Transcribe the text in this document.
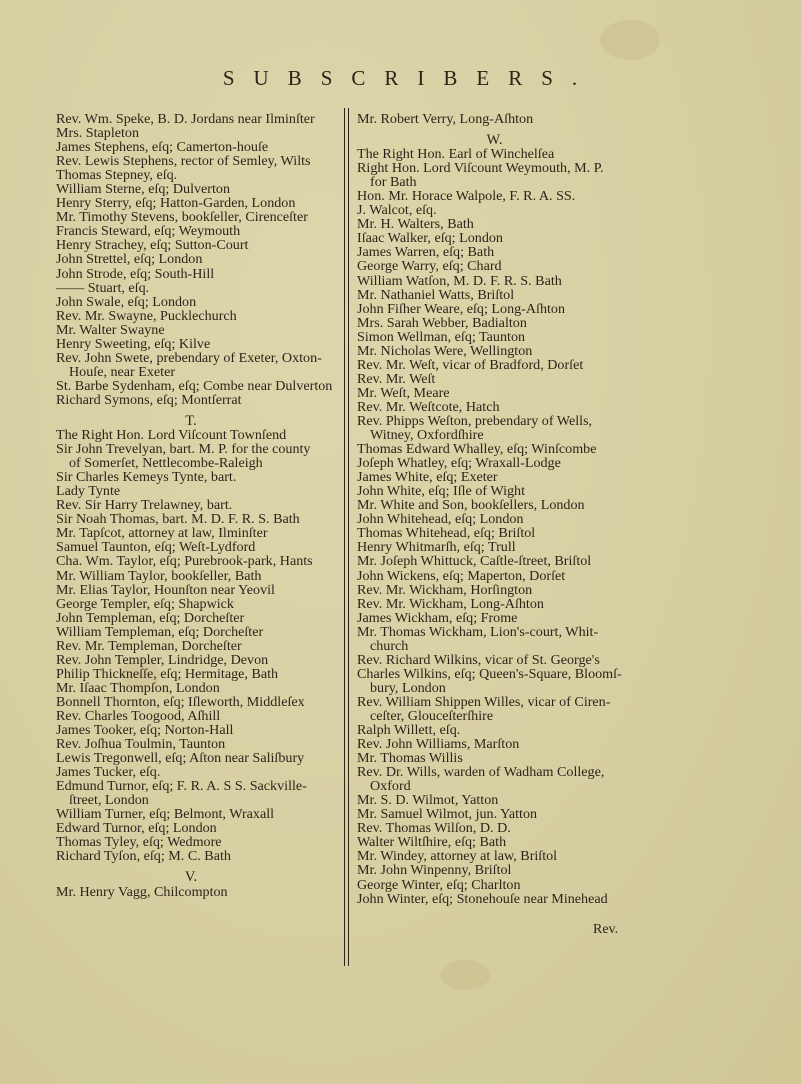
SUBSCRIBERS.
Rev. Wm. Speke, B. D. Jordans near Ilminſter
Mrs. Stapleton
James Stephens, eſq; Camerton-houſe
Rev. Lewis Stephens, rector of Semley, Wilts
Thomas Stepney, eſq.
William Sterne, eſq; Dulverton
Henry Sterry, eſq; Hatton-Garden, London
Mr. Timothy Stevens, bookſeller, Cirenceſter
Francis Steward, eſq; Weymouth
Henry Strachey, eſq; Sutton-Court
John Strettel, eſq; London
John Strode, eſq; South-Hill
—— Stuart, eſq.
John Swale, eſq; London
Rev. Mr. Swayne, Pucklechurch
Mr. Walter Swayne
Henry Sweeting, eſq; Kilve
Rev. John Swete, prebendary of Exeter, Oxton-
Houſe, near Exeter
St. Barbe Sydenham, eſq; Combe near Dulverton
Richard Symons, eſq; Montſerrat
T.
The Right Hon. Lord Viſcount Townſend
Sir John Trevelyan, bart. M. P. for the county
of Somerſet, Nettlecombe-Raleigh
Sir Charles Kemeys Tynte, bart.
Lady Tynte
Rev. Sir Harry Trelawney, bart.
Sir Noah Thomas, bart. M. D. F. R. S. Bath
Mr. Tapſcot, attorney at law, Ilminſter
Samuel Taunton, eſq; Weſt-Lydford
Cha. Wm. Taylor, eſq; Purebrook-park, Hants
Mr. William Taylor, bookſeller, Bath
Mr. Elias Taylor, Hounſton near Yeovil
George Templer, eſq; Shapwick
John Templeman, eſq; Dorcheſter
William Templeman, eſq; Dorcheſter
Rev. Mr. Templeman, Dorcheſter
Rev. John Templer, Lindridge, Devon
Philip Thickneſſe, eſq; Hermitage, Bath
Mr. Iſaac Thompſon, London
Bonnell Thornton, eſq; Iſleworth, Middleſex
Rev. Charles Toogood, Aſhill
James Tooker, eſq; Norton-Hall
Rev. Joſhua Toulmin, Taunton
Lewis Tregonwell, eſq; Aſton near Saliſbury
James Tucker, eſq.
Edmund Turnor, eſq; F. R. A. S S. Sackville-
ſtreet, London
William Turner, eſq; Belmont, Wraxall
Edward Turnor, eſq; London
Thomas Tyley, eſq; Wedmore
Richard Tyſon, eſq; M. C. Bath
V.
Mr. Henry Vagg, Chilcompton
Mr. Robert Verry, Long-Aſhton
W.
The Right Hon. Earl of Winchelſea
Right Hon. Lord Viſcount Weymouth, M. P.
for Bath
Hon. Mr. Horace Walpole, F. R. A. SS.
J. Walcot, eſq.
Mr. H. Walters, Bath
Iſaac Walker, eſq; London
James Warren, eſq; Bath
George Warry, eſq; Chard
William Watſon, M. D. F. R. S. Bath
Mr. Nathaniel Watts, Briſtol
John Fiſher Weare, eſq; Long-Aſhton
Mrs. Sarah Webber, Badialton
Simon Wellman, eſq; Taunton
Mr. Nicholas Were, Wellington
Rev. Mr. Weſt, vicar of Bradford, Dorſet
Rev. Mr. Weſt
Mr. Weſt, Meare
Rev. Mr. Weſtcote, Hatch
Rev. Phipps Weſton, prebendary of Wells,
Witney, Oxfordſhire
Thomas Edward Whalley, eſq; Winſcombe
Joſeph Whatley, eſq; Wraxall-Lodge
James White, eſq; Exeter
John White, eſq; Iſle of Wight
Mr. White and Son, bookſellers, London
John Whitehead, eſq; London
Thomas Whitehead, eſq; Briſtol
Henry Whitmarſh, eſq; Trull
Mr. Joſeph Whittuck, Caſtle-ſtreet, Briſtol
John Wickens, eſq; Maperton, Dorſet
Rev. Mr. Wickham, Horſington
Rev. Mr. Wickham, Long-Aſhton
James Wickham, eſq; Frome
Mr. Thomas Wickham, Lion's-court, Whit-
church
Rev. Richard Wilkins, vicar of St. George's
Charles Wilkins, eſq; Queen's-Square, Bloomſ-
bury, London
Rev. William Shippen Willes, vicar of Ciren-
ceſter, Glouceſterſhire
Ralph Willett, eſq.
Rev. John Williams, Marſton
Mr. Thomas Willis
Rev. Dr. Wills, warden of Wadham College,
Oxford
Mr. S. D. Wilmot, Yatton
Mr. Samuel Wilmot, jun. Yatton
Rev. Thomas Wilſon, D. D.
Walter Wiltſhire, eſq; Bath
Mr. Windey, attorney at law, Briſtol
Mr. John Winpenny, Briſtol
George Winter, eſq; Charlton
John Winter, eſq; Stonehouſe near Minehead
Rev.
